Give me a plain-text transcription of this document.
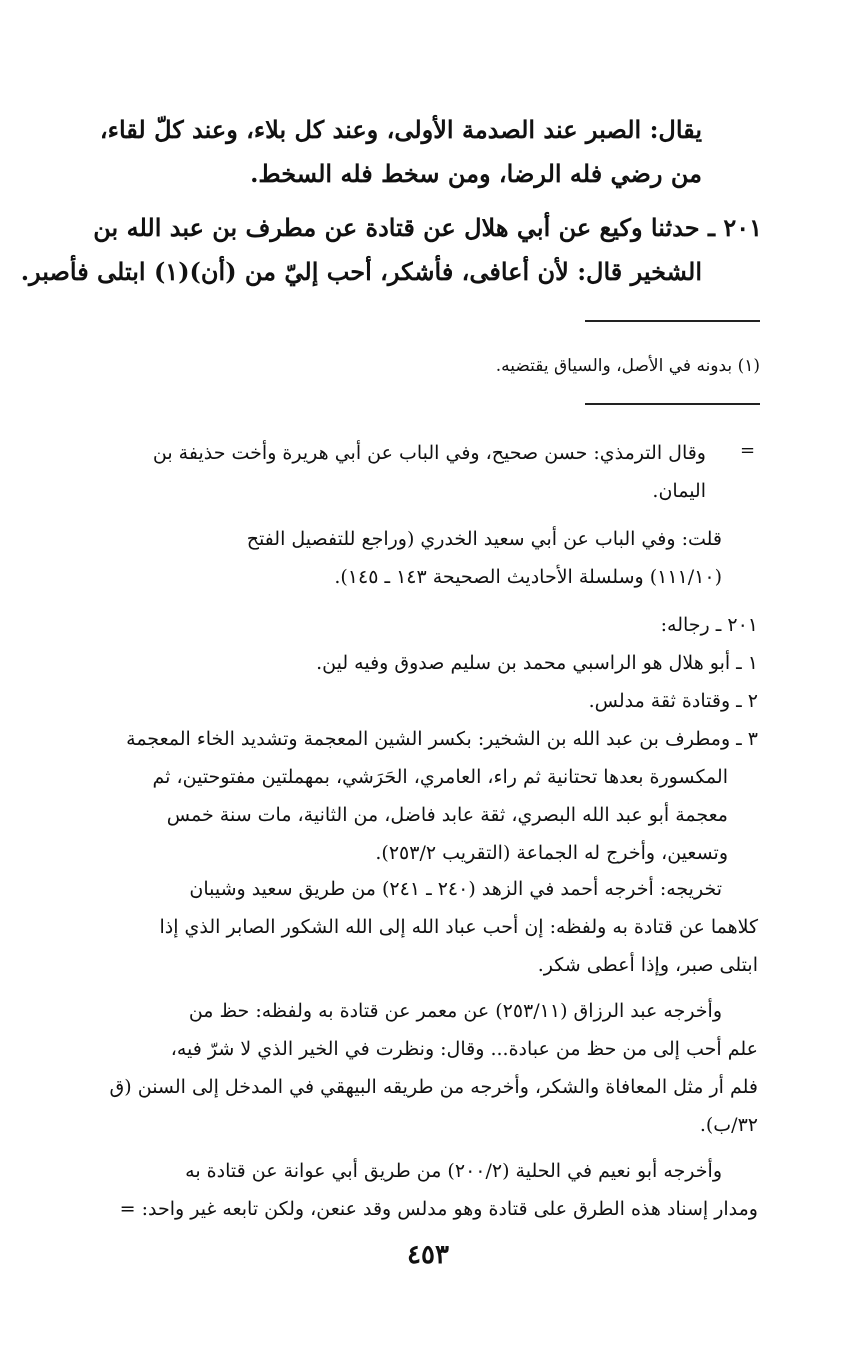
يقال: الصبر عند الصدمة الأولى، وعند كل بلاء، وعند كلّ لقاء،
من رضي فله الرضا، ومن سخط فله السخط.
٢٠١ ـ حدثنا وكيع عن أبي هلال عن قتادة عن مطرف بن عبد الله بن
الشخير قال: لأن أعافى، فأشكر، أحب إليّ من (أن)(١) ابتلى فأصبر.
(١) بدونه في الأصل، والسياق يقتضيه.
=
وقال الترمذي: حسن صحيح، وفي الباب عن أبي هريرة وأخت حذيفة بن
اليمان.
قلت: وفي الباب عن أبي سعيد الخدري (وراجع للتفصيل الفتح
(١١١/١٠) وسلسلة الأحاديث الصحيحة ١٤٣ ـ ١٤٥).
٢٠١ ـ رجاله:
١ ـ أبو هلال هو الراسبي محمد بن سليم صدوق وفيه لين.
٢ ـ وقتادة ثقة مدلس.
٣ ـ ومطرف بن عبد الله بن الشخير: بكسر الشين المعجمة وتشديد الخاء المعجمة
المكسورة بعدها تحتانية ثم راء، العامري، الحَرَشي، بمهملتين مفتوحتين، ثم
معجمة أبو عبد الله البصري، ثقة عابد فاضل، من الثانية، مات سنة خمس
وتسعين، وأخرج له الجماعة (التقريب ٢٥٣/٢).
تخريجه: أخرجه أحمد في الزهد (٢٤٠ ـ ٢٤١) من طريق سعيد وشيبان
كلاهما عن قتادة به ولفظه: إن أحب عباد الله إلى الله الشكور الصابر الذي إذا
ابتلى صبر، وإذا أعطى شكر.
وأخرجه عبد الرزاق (٢٥٣/١١) عن معمر عن قتادة به ولفظه: حظ من
علم أحب إلى من حظ من عبادة... وقال: ونظرت في الخير الذي لا شرّ فيه،
فلم أر مثل المعافاة والشكر، وأخرجه من طريقه البيهقي في المدخل إلى السنن (ق
٣٢/ب).
وأخرجه أبو نعيم في الحلية (٢٠٠/٢) من طريق أبي عوانة عن قتادة به
ومدار إسناد هذه الطرق على قتادة وهو مدلس وقد عنعن، ولكن تابعه غير واحد: =
٤٥٣
